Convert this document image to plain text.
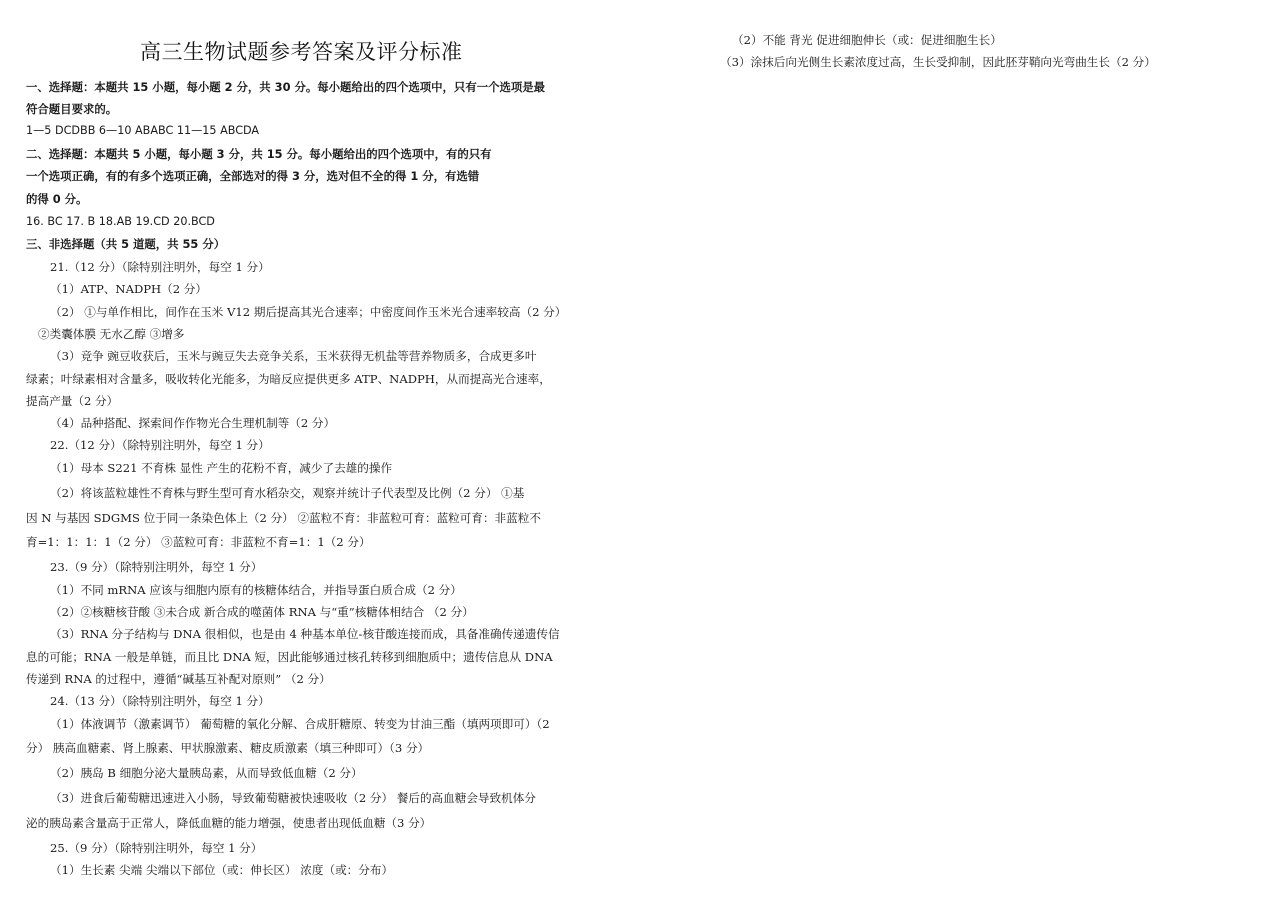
高三生物试题参考答案及评分标准
一、选择题：本题共 15 小题，每小题 2 分，共 30 分。每小题给出的四个选项中，只有一个选项是最
符合题目要求的。
1—5 DCDBB 6—10 ABABC 11—15 ABCDA
二、选择题：本题共 5 小题，每小题 3 分，共 15 分。每小题给出的四个选项中，有的只有
一个选项正确，有的有多个选项正确，全部选对的得 3 分，选对但不全的得 1 分，有选错
的得 0 分。
16. BC 17. B 18.AB 19.CD 20.BCD
三、非选择题（共 5 道题，共 55 分）
21.（12 分）（除特别注明外，每空 1 分）
（1）ATP、NADPH（2 分）
（2） ①与单作相比，间作在玉米 V12 期后提高其光合速率；中密度间作玉米光合速率较高（2 分）
②类囊体膜 无水乙醇 ③增多
（3）竞争 豌豆收获后，玉米与豌豆失去竞争关系，玉米获得无机盐等营养物质多，合成更多叶
绿素；叶绿素相对含量多，吸收转化光能多，为暗反应提供更多 ATP、NADPH，从而提高光合速率，
提高产量（2 分）
（4）品种搭配、探索间作作物光合生理机制等（2 分）
22.（12 分）（除特别注明外，每空 1 分）
（1）母本 S221 不育株 显性 产生的花粉不育，减少了去雄的操作
（2）将该蓝粒雄性不育株与野生型可育水稻杂交，观察并统计子代表型及比例（2 分） ①基
因 N 与基因 SDGMS 位于同一条染色体上（2 分） ②蓝粒不育：非蓝粒可育：蓝粒可育：非蓝粒不
育=1：1：1：1（2 分） ③蓝粒可育：非蓝粒不育=1：1（2 分）
23.（9 分）（除特别注明外，每空 1 分）
（1）不同 mRNA 应该与细胞内原有的核糖体结合，并指导蛋白质合成（2 分）
（2）②核糖核苷酸 ③未合成 新合成的噬菌体 RNA 与“重”核糖体相结合 （2 分）
（3）RNA 分子结构与 DNA 很相似，也是由 4 种基本单位-核苷酸连接而成，具备准确传递遗传信
息的可能；RNA 一般是单链，而且比 DNA 短，因此能够通过核孔转移到细胞质中；遗传信息从 DNA
传递到 RNA 的过程中，遵循“碱基互补配对原则” （2 分）
24.（13 分）（除特别注明外，每空 1 分）
（1）体液调节（激素调节） 葡萄糖的氧化分解、合成肝糖原、转变为甘油三酯（填两项即可）（2
分） 胰高血糖素、肾上腺素、甲状腺激素、糖皮质激素（填三种即可）（3 分）
（2）胰岛 B 细胞分泌大量胰岛素，从而导致低血糖（2 分）
（3）进食后葡萄糖迅速进入小肠，导致葡萄糖被快速吸收（2 分） 餐后的高血糖会导致机体分
泌的胰岛素含量高于正常人，降低血糖的能力增强，使患者出现低血糖（3 分）
25.（9 分）（除特别注明外，每空 1 分）
（1）生长素 尖端 尖端以下部位（或：伸长区） 浓度（或：分布）
（2）不能 背光 促进细胞伸长（或：促进细胞生长）
（3）涂抹后向光侧生长素浓度过高，生长受抑制，因此胚芽鞘向光弯曲生长（2 分）
